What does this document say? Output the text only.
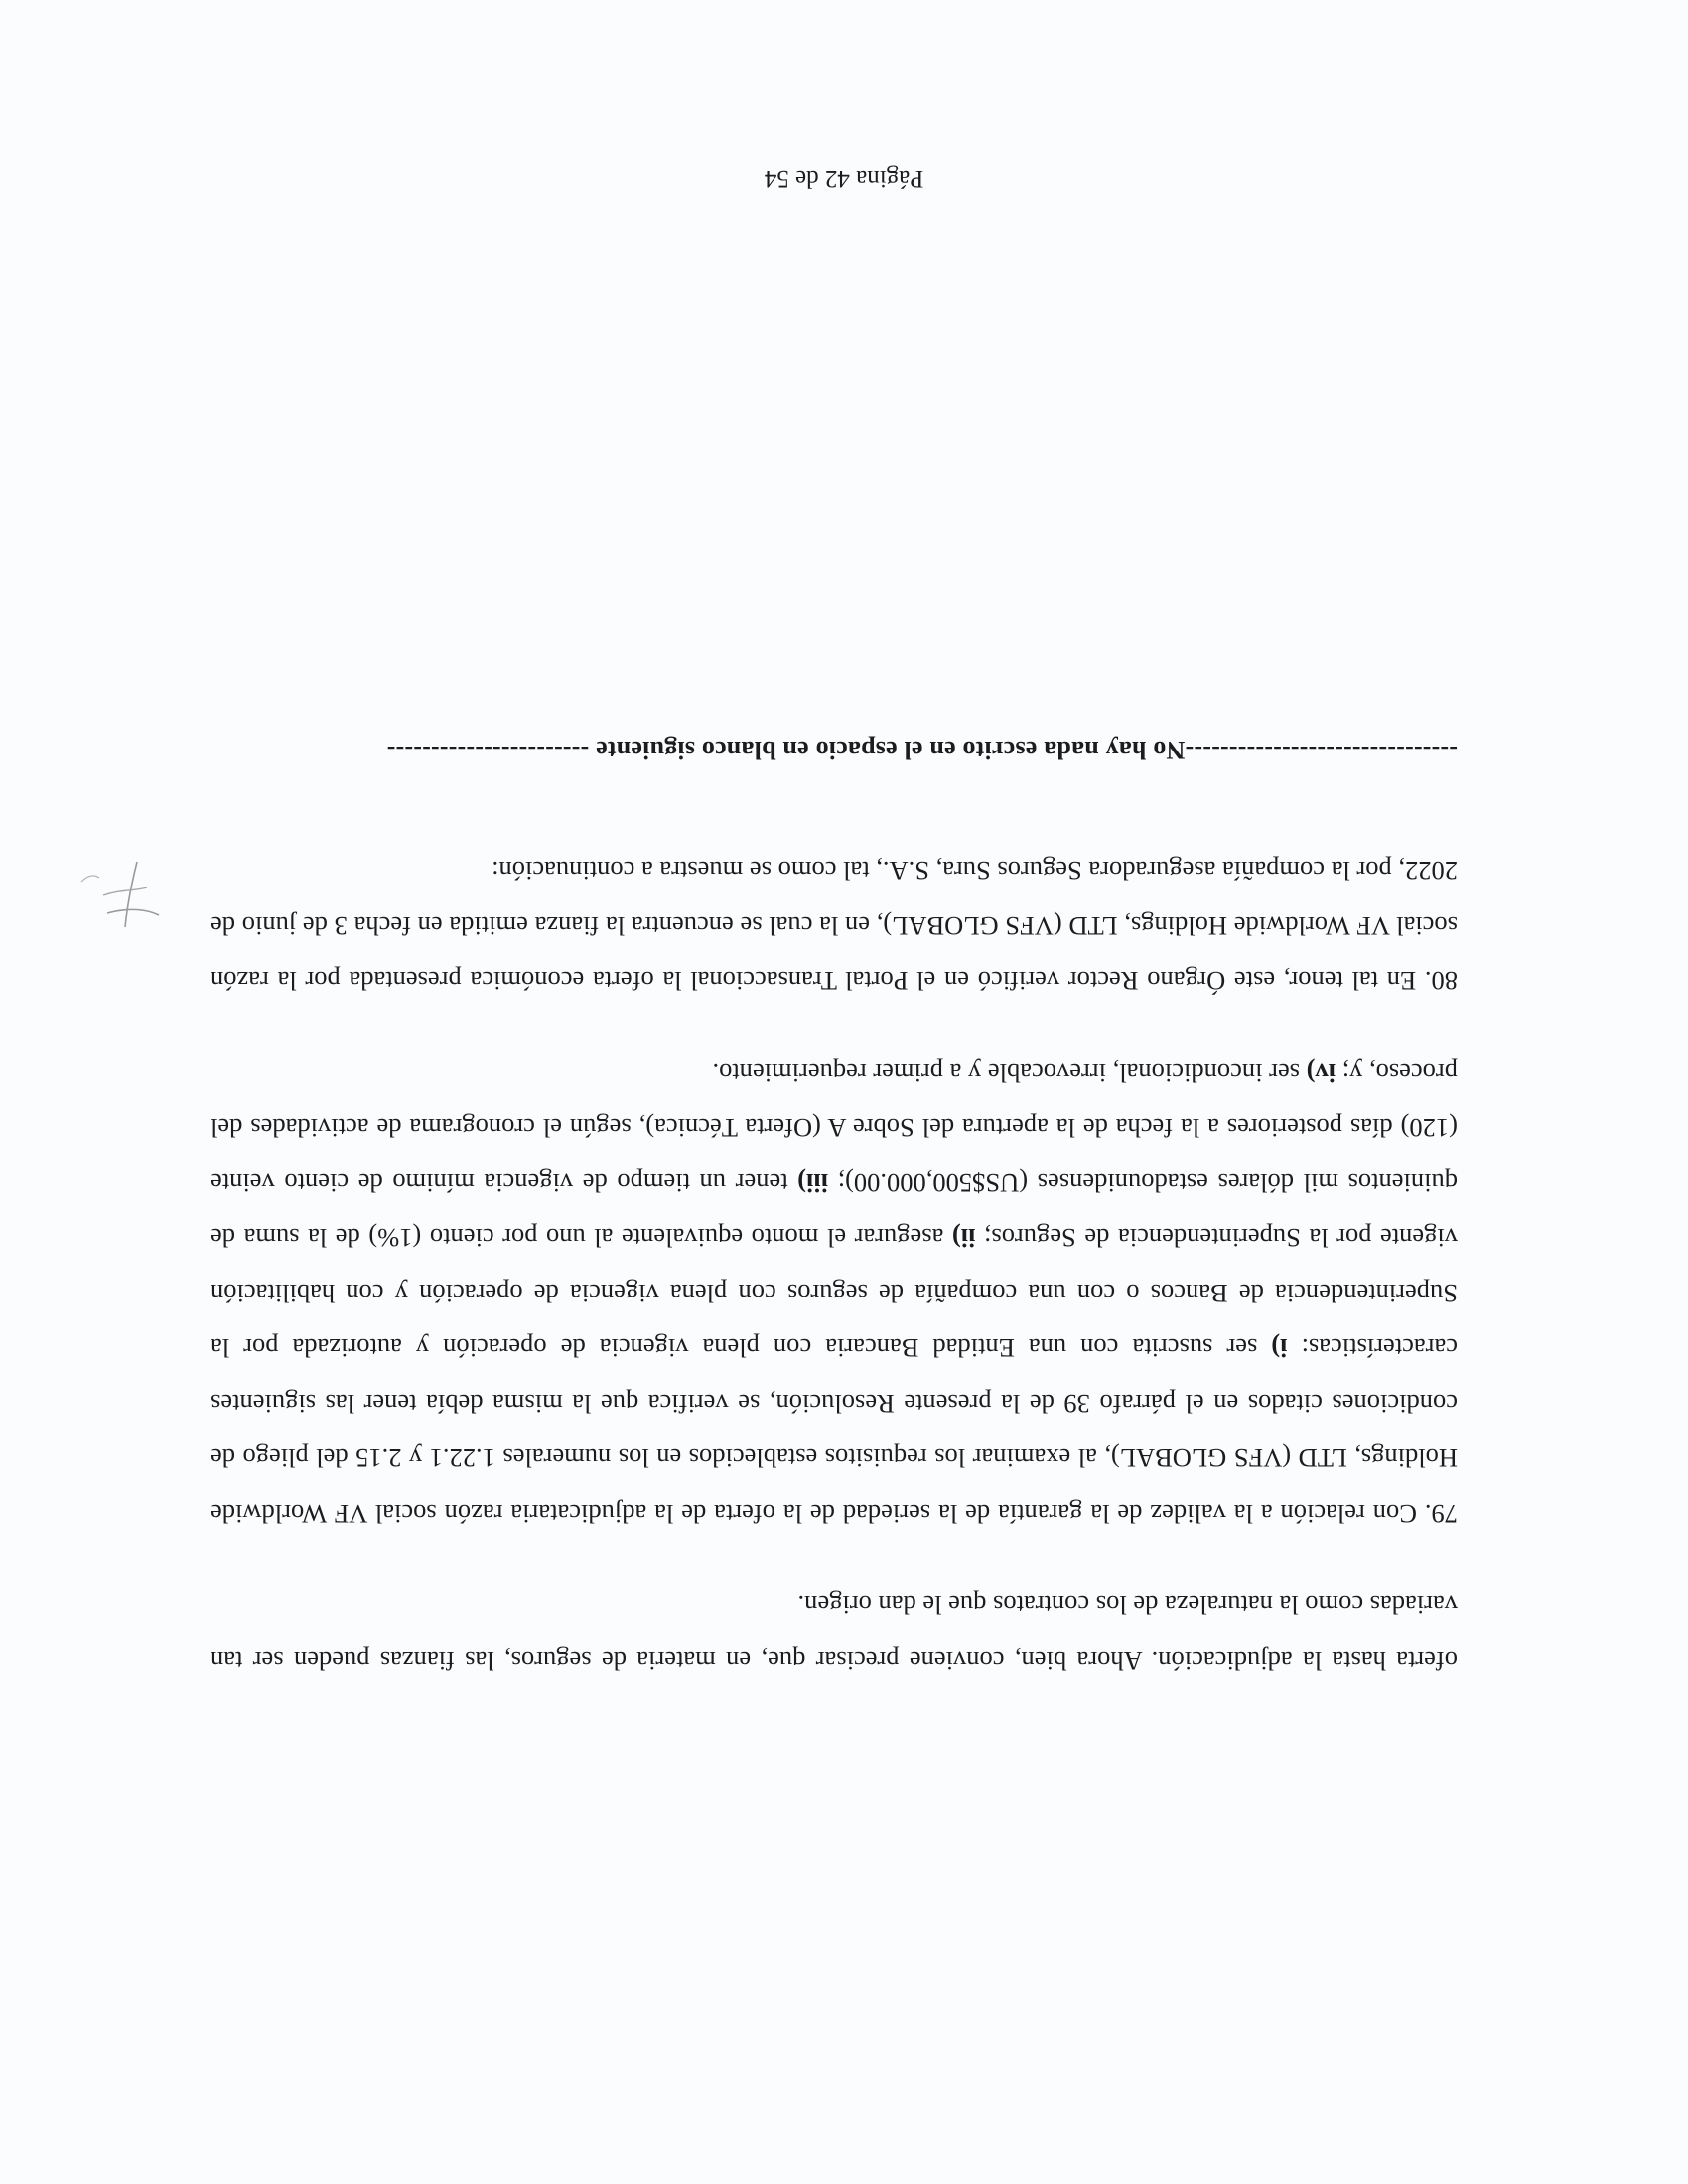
oferta hasta la adjudicación. Ahora bien, conviene precisar que, en materia de seguros, las fianzas pueden ser tan variadas como la naturaleza de los contratos que le dan origen.

79. Con relación a la validez de la garantía de la seriedad de la oferta de la adjudicataria razón social VF Worldwide Holdings, LTD (VFS GLOBAL), al examinar los requisitos establecidos en los numerales 1.22.1 y 2.15 del pliego de condiciones citados en el párrafo 39 de la presente Resolución, se verifica que la misma debía tener las siguientes características: i) ser suscrita con una Entidad Bancaria con plena vigencia de operación y autorizada por la Superintendencia de Bancos o con una compañía de seguros con plena vigencia de operación y con habilitación vigente por la Superintendencia de Seguros; ii) asegurar el monto equivalente al uno por ciento (1%) de la suma de quinientos mil dólares estadounidenses (US$500,000.00); iii) tener un tiempo de vigencia mínimo de ciento veinte (120) días posteriores a la fecha de la apertura del Sobre A (Oferta Técnica), según el cronograma de actividades del proceso, y; iv) ser incondicional, irrevocable y a primer requerimiento.

80. En tal tenor, este Órgano Rector verificó en el Portal Transaccional la oferta económica presentada por la razón social VF Worldwide Holdings, LTD (VFS GLOBAL), en la cual se encuentra la fianza emitida en fecha 3 de junio de 2022, por la compañía aseguradora Seguros Sura, S.A., tal como se muestra a continuación:

-------------------------------No hay nada escrito en el espacio en blanco siguiente -----------------------
Página 42 de 54
